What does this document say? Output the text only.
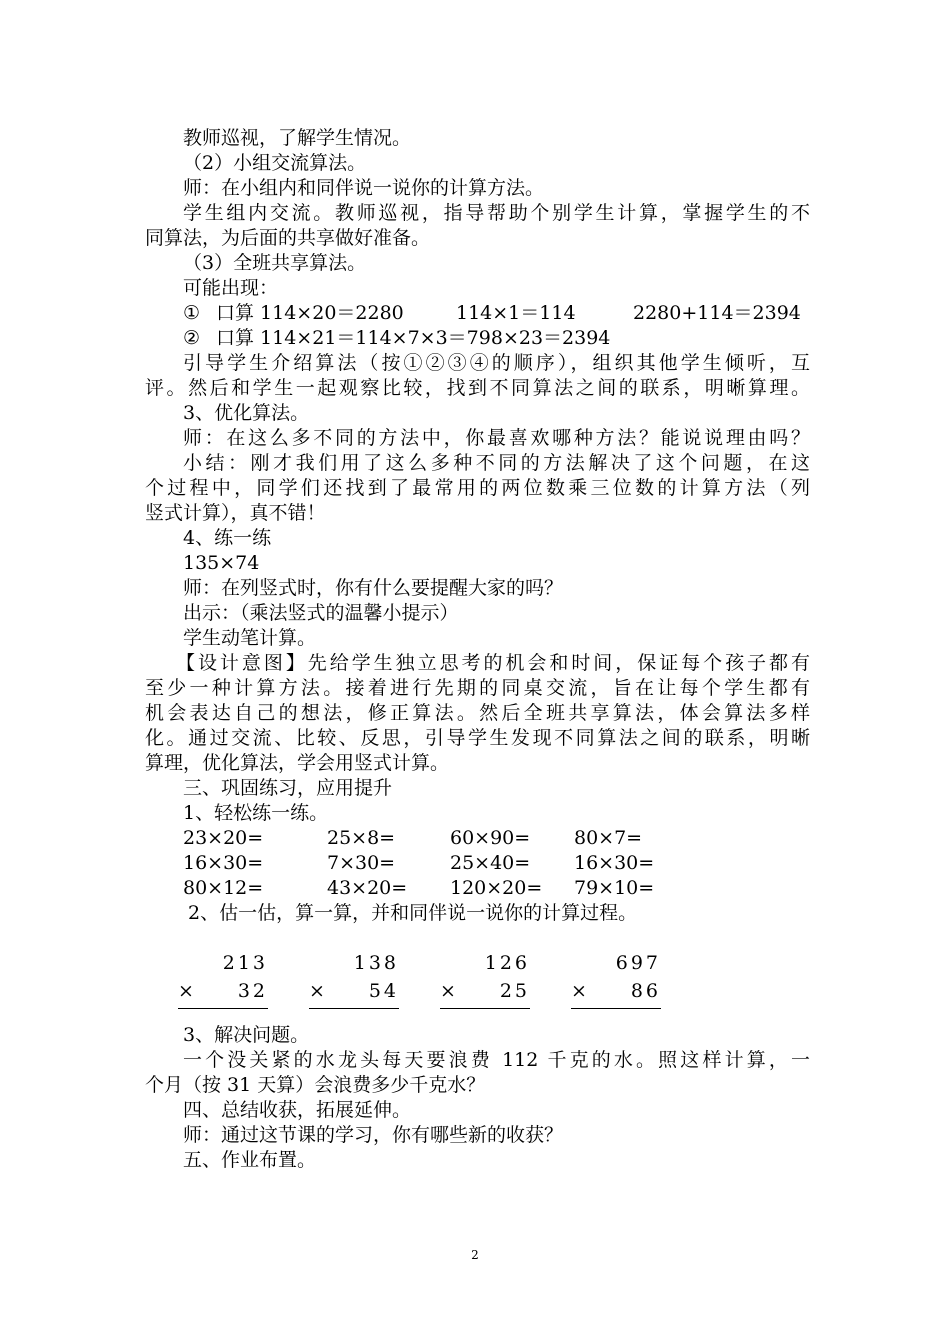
教师巡视，了解学生情况。
（2）小组交流算法。
师：在小组内和同伴说一说你的计算方法。
学生组内交流。教师巡视，指导帮助个别学生计算，掌握学生的不
同算法，为后面的共享做好准备。
（3）全班共享算法。
可能出现：
① 口算 114×20＝2280	114×1＝114	2280+114＝2394
② 口算 114×21＝114×7×3＝798×23＝2394
引导学生介绍算法（按①②③④的顺序），组织其他学生倾听，互
评。然后和学生一起观察比较，找到不同算法之间的联系，明晰算理。
3、优化算法。
师：在这么多不同的方法中，你最喜欢哪种方法？能说说理由吗？
小结：刚才我们用了这么多种不同的方法解决了这个问题，在这
个过程中，同学们还找到了最常用的两位数乘三位数的计算方法（列
竖式计算），真不错！
4、练一练
135×74
师：在列竖式时，你有什么要提醒大家的吗？
出示：（乘法竖式的温馨小提示）
学生动笔计算。
【设计意图】先给学生独立思考的机会和时间，保证每个孩子都有
至少一种计算方法。接着进行先期的同桌交流，旨在让每个学生都有
机会表达自己的想法，修正算法。然后全班共享算法，体会算法多样
化。通过交流、比较、反思，引导学生发现不同算法之间的联系，明晰
算理，优化算法，学会用竖式计算。
三、巩固练习，应用提升
1、轻松练一练。
23×20=	25×8=	60×90= 80×7=
16×30=	7×30=	25×40= 16×30=
80×12=	43×20= 120×20= 79×10=
2、估一估，算一算，并和同伴说一说你的计算过程。
213
× 32
138
× 54
126
× 25
697
× 86
3、解决问题。
一个没关紧的水龙头每天要浪费 112 千克的水。照这样计算，一
个月（按 31 天算）会浪费多少千克水？
四、总结收获，拓展延伸。
师：通过这节课的学习，你有哪些新的收获？
五、作业布置。
2
